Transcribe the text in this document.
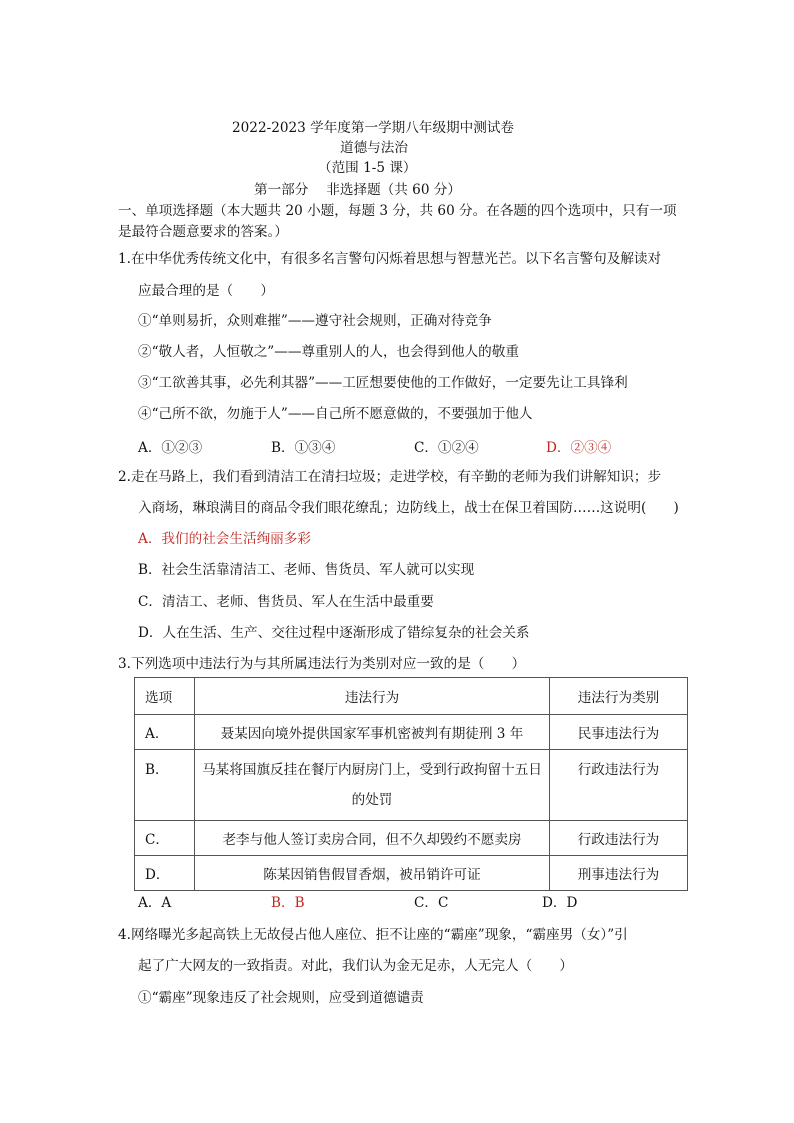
2022-2023 学年度第一学期八年级期中测试卷
道德与法治
（范围 1-5 课）
第一部分　 非选择题（共 60 分）
一、单项选择题（本大题共 20 小题，每题 3 分，共 60 分。在各题的四个选项中，只有一项
是最符合题意要求的答案。）
1.在中华优秀传统文化中，有很多名言警句闪烁着思想与智慧光芒。以下名言警句及解读对
应最合理的是（　　）
①“单则易折，众则难摧”——遵守社会规则，正确对待竞争
②“敬人者，人恒敬之”——尊重别人的人，也会得到他人的敬重
③“工欲善其事，必先利其器”——工匠想要使他的工作做好，一定要先让工具锋利
④“己所不欲，勿施于人”——自己所不愿意做的，不要强加于他人
A．①②③	B．①③④	C．①②④	D．②③④
2.走在马路上，我们看到清洁工在清扫垃圾；走进学校，有辛勤的老师为我们讲解知识；步
入商场，琳琅满目的商品令我们眼花缭乱；边防线上，战士在保卫着国防……这说明(　　)
A．我们的社会生活绚丽多彩
B．社会生活靠清洁工、老师、售货员、军人就可以实现
C．清洁工、老师、售货员、军人在生活中最重要
D．人在生活、生产、交往过程中逐渐形成了错综复杂的社会关系
3.下列选项中违法行为与其所属违法行为类别对应一致的是（　　）
选项	违法行为	违法行为类别
A．	聂某因向境外提供国家军事机密被判有期徒刑 3 年	民事违法行为
B．	马某将国旗反挂在餐厅内厨房门上，受到行政拘留十五日的处罚	行政违法行为
C．	老李与他人签订卖房合同，但不久却毁约不愿卖房	行政违法行为
D．	陈某因销售假冒香烟，被吊销许可证	刑事违法行为
A．A	B．B	C．C	D．D
4.网络曝光多起高铁上无故侵占他人座位、拒不让座的“霸座”现象，“霸座男（女）”引
起了广大网友的一致指责。对此，我们认为金无足赤，人无完人（　　）
①“霸座”现象违反了社会规则，应受到道德谴责
